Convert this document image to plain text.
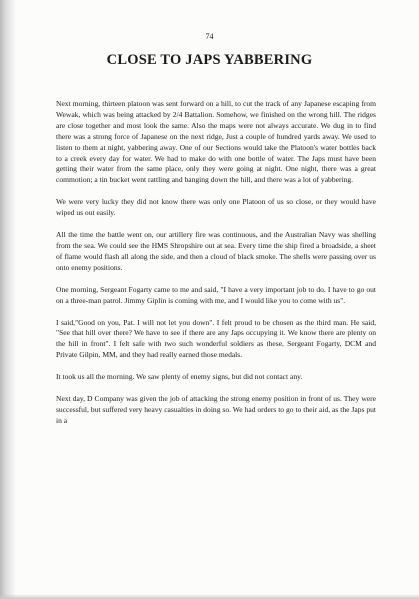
74
CLOSE TO JAPS YABBERING

Next morning, thirteen platoon was sent forward on a hill, to cut the track of any Japanese escaping from Wewak, which was being attacked by 2/4 Battalion. Somehow, we finished on the wrong hill. The ridges are close together and most look the same. Also the maps were not always accurate. We dug in to find there was a strong force of Japanese on the next ridge, Just a couple of hundred yards away. We used to listen to them at night, yabbering away. One of our Sections would take the Platoon's water bottles back to a creek every day for water. We had to make do with one bottle of water. The Japs must have been getting their water from the same place, only they were going at night. One night, there was a great commotion; a tin bucket went rattling and banging down the hill, and there was a lot of yabbering.

We were very lucky they did not know there was only one Platoon of us so close, or they would have wiped us out easily.

All the time the battle went on, our artillery fire was continuous, and the Australian Navy was shelling from the sea. We could see the HMS Shropshire out at sea. Every time the ship fired a broadside, a sheet of flame would flash all along the side, and then a cloud of black smoke. The shells were passing over us onto enemy positions.

One morning, Sergeant Fogarty came to me and said, "I have a very important job to do. I have to go out on a three-man patrol. Jimmy Giplin is coming with me, and I would like you to come with us".

I said,"Good on you, Pat. I will not let you down". I felt proud to be chosen as the third man. He said, "See that hill over there? We have to see if there are any Japs occupying it. We know there are plenty on the hill in front". I felt safe with two such wonderful soldiers as these, Sergeant Fogarty, DCM and Private Gilpin, MM, and they had really earned those medals.

It took us all the morning. We saw plenty of enemy signs, but did not contact any.

Next day, D Company was given the job of attacking the strong enemy position in front of us. They were successful, but suffered very heavy casualties in doing so. We had orders to go to their aid, as the Japs put in a
